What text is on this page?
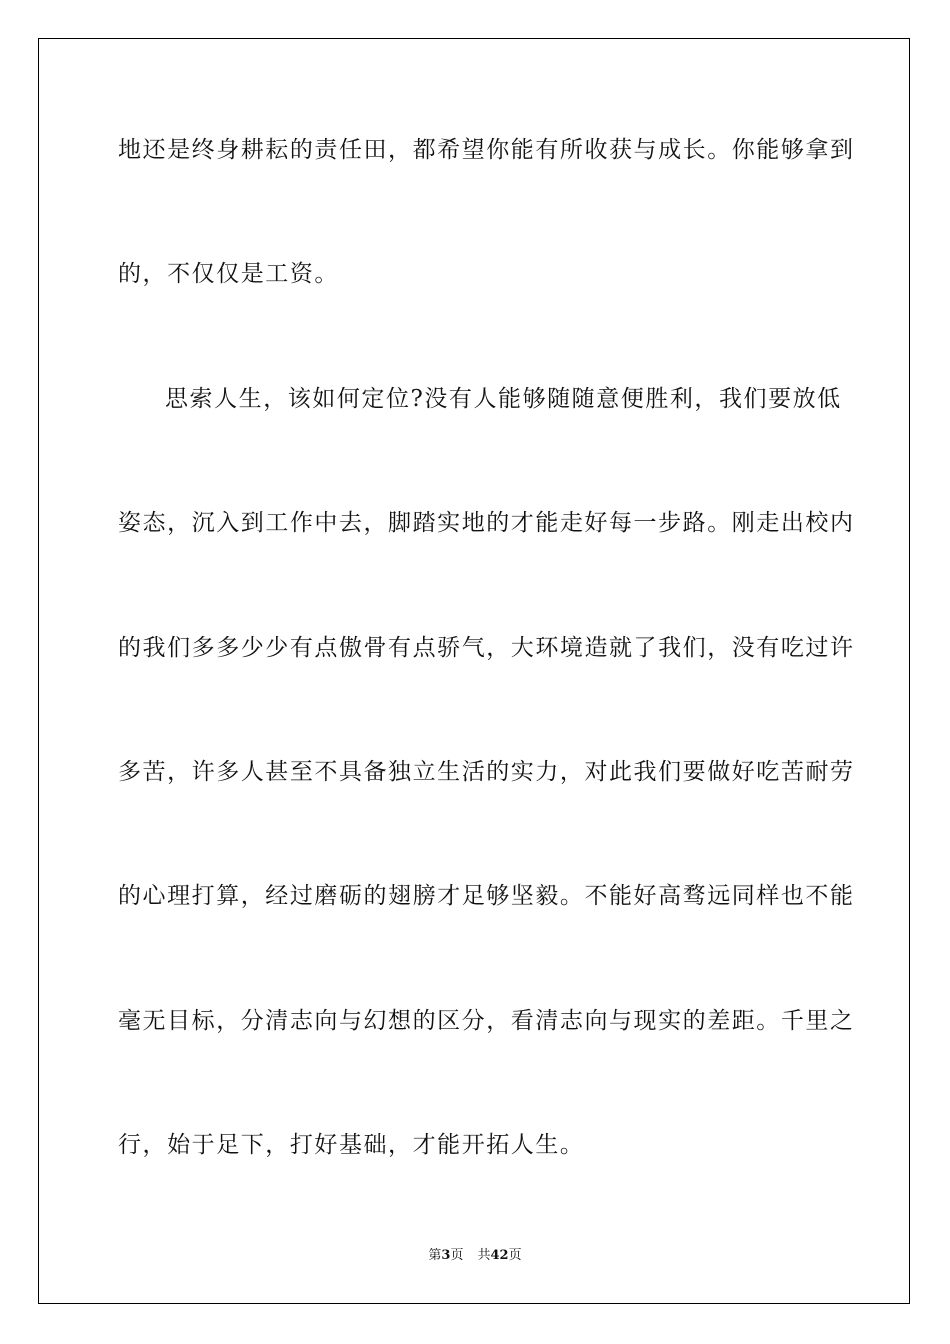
地还是终身耕耘的责任田，都希望你能有所收获与成长。你能够拿到
的，不仅仅是工资。
思索人生，该如何定位?没有人能够随随意便胜利，我们要放低
姿态，沉入到工作中去，脚踏实地的才能走好每一步路。刚走出校内
的我们多多少少有点傲骨有点骄气，大环境造就了我们，没有吃过许
多苦，许多人甚至不具备独立生活的实力，对此我们要做好吃苦耐劳
的心理打算，经过磨砺的翅膀才足够坚毅。不能好高骛远同样也不能
毫无目标，分清志向与幻想的区分，看清志向与现实的差距。千里之
行，始于足下，打好基础，才能开拓人生。
第3页 共42页
